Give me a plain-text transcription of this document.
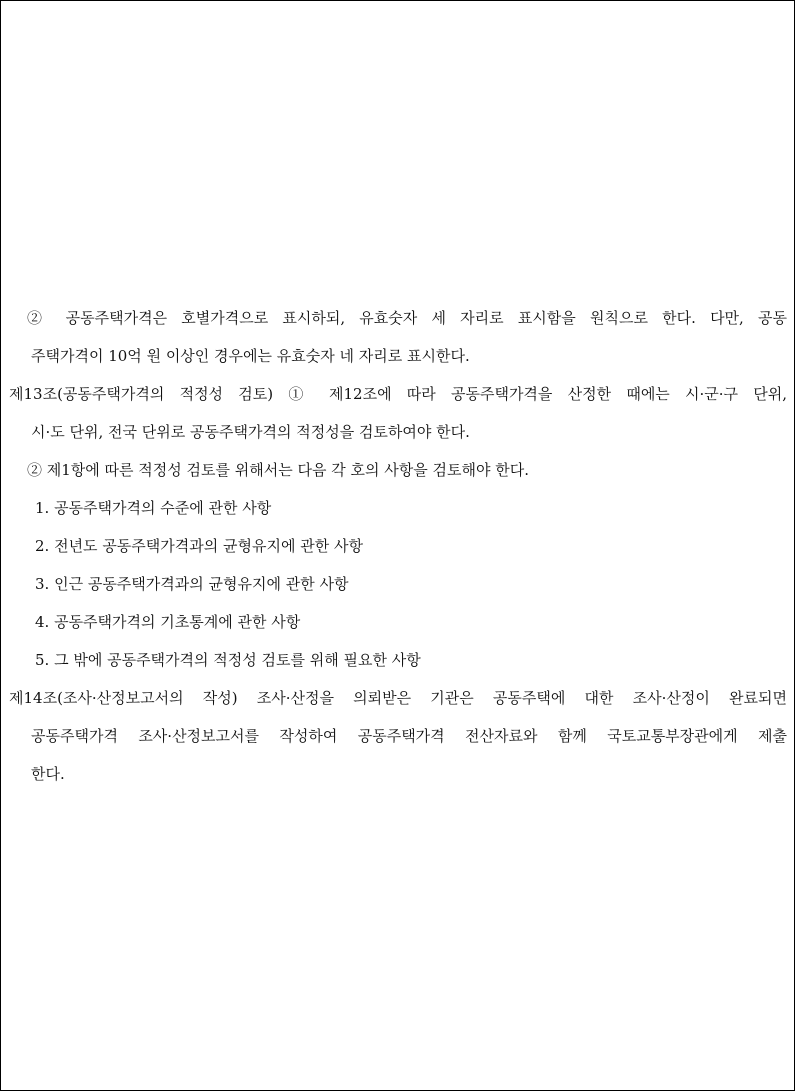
② 공동주택가격은 호별가격으로 표시하되, 유효숫자 세 자리로 표시함을 원칙으로 한다. 다만, 공동
주택가격이 10억 원 이상인 경우에는 유효숫자 네 자리로 표시한다.
제13조(공동주택가격의 적정성 검토) ① 제12조에 따라 공동주택가격을 산정한 때에는 시·군·구 단위,
시·도 단위, 전국 단위로 공동주택가격의 적정성을 검토하여야 한다.
② 제1항에 따른 적정성 검토를 위해서는 다음 각 호의 사항을 검토해야 한다.
1. 공동주택가격의 수준에 관한 사항
2. 전년도 공동주택가격과의 균형유지에 관한 사항
3. 인근 공동주택가격과의 균형유지에 관한 사항
4. 공동주택가격의 기초통계에 관한 사항
5. 그 밖에 공동주택가격의 적정성 검토를 위해 필요한 사항
제14조(조사·산정보고서의 작성) 조사·산정을 의뢰받은 기관은 공동주택에 대한 조사·산정이 완료되면
공동주택가격 조사·산정보고서를 작성하여 공동주택가격 전산자료와 함께 국토교통부장관에게 제출
한다.
